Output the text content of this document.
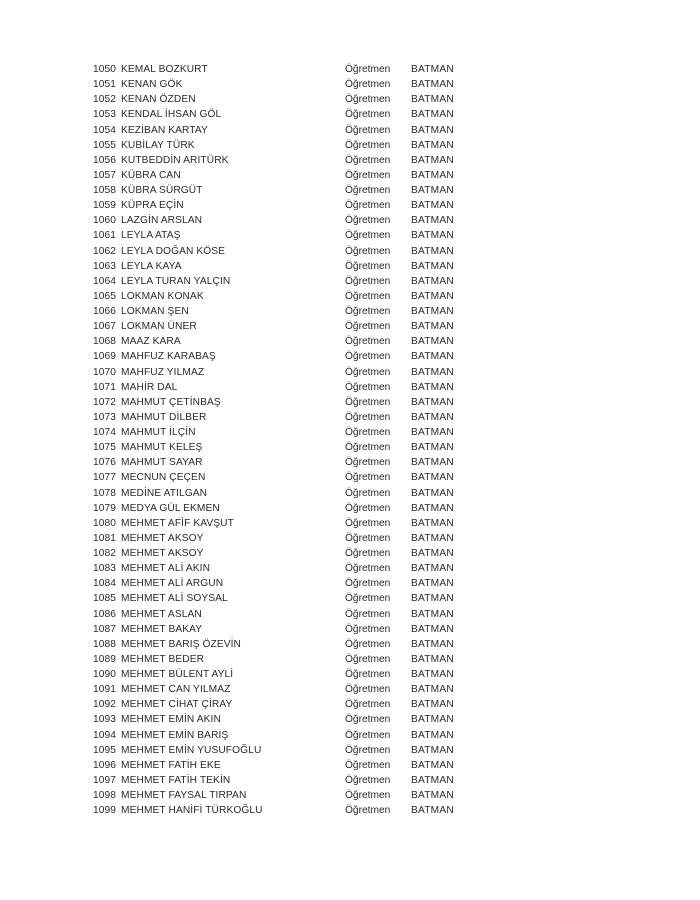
1050 KEMAL BOZKURT	Öğretmen BATMAN
1051 KENAN GÖK	Öğretmen BATMAN
1052 KENAN ÖZDEN	Öğretmen BATMAN
1053 KENDAL İHSAN GÖL	Öğretmen BATMAN
1054 KEZİBAN KARTAY	Öğretmen BATMAN
1055 KUBİLAY TÜRK	Öğretmen BATMAN
1056 KUTBEDDİN ARITÜRK	Öğretmen BATMAN
1057 KÜBRA CAN	Öğretmen BATMAN
1058 KÜBRA SÜRGÜT	Öğretmen BATMAN
1059 KÜPRA EÇİN	Öğretmen BATMAN
1060 LAZGİN ARSLAN	Öğretmen BATMAN
1061 LEYLA ATAŞ	Öğretmen BATMAN
1062 LEYLA DOĞAN KÖSE	Öğretmen BATMAN
1063 LEYLA KAYA	Öğretmen BATMAN
1064 LEYLA TURAN YALÇIN	Öğretmen BATMAN
1065 LOKMAN KONAK	Öğretmen BATMAN
1066 LOKMAN ŞEN	Öğretmen BATMAN
1067 LOKMAN ÜNER	Öğretmen BATMAN
1068 MAAZ KARA	Öğretmen BATMAN
1069 MAHFUZ KARABAŞ	Öğretmen BATMAN
1070 MAHFUZ YILMAZ	Öğretmen BATMAN
1071 MAHİR DAL	Öğretmen BATMAN
1072 MAHMUT ÇETİNBAŞ	Öğretmen BATMAN
1073 MAHMUT DİLBER	Öğretmen BATMAN
1074 MAHMUT İLÇİN	Öğretmen BATMAN
1075 MAHMUT KELEŞ	Öğretmen BATMAN
1076 MAHMUT SAYAR	Öğretmen BATMAN
1077 MECNUN ÇEÇEN	Öğretmen BATMAN
1078 MEDİNE ATILGAN	Öğretmen BATMAN
1079 MEDYA GÜL EKMEN	Öğretmen BATMAN
1080 MEHMET AFİF KAVŞUT	Öğretmen BATMAN
1081 MEHMET AKSOY	Öğretmen BATMAN
1082 MEHMET AKSOY	Öğretmen BATMAN
1083 MEHMET ALİ AKIN	Öğretmen BATMAN
1084 MEHMET ALİ ARGUN	Öğretmen BATMAN
1085 MEHMET ALİ SOYSAL	Öğretmen BATMAN
1086 MEHMET ASLAN	Öğretmen BATMAN
1087 MEHMET BAKAY	Öğretmen BATMAN
1088 MEHMET BARIŞ ÖZEVİN	Öğretmen BATMAN
1089 MEHMET BEDER	Öğretmen BATMAN
1090 MEHMET BÜLENT AYLİ	Öğretmen BATMAN
1091 MEHMET CAN YILMAZ	Öğretmen BATMAN
1092 MEHMET CİHAT ÇİRAY	Öğretmen BATMAN
1093 MEHMET EMİN AKIN	Öğretmen BATMAN
1094 MEHMET EMİN BARIŞ	Öğretmen BATMAN
1095 MEHMET EMİN YUSUFOĞLU	Öğretmen BATMAN
1096 MEHMET FATİH EKE	Öğretmen BATMAN
1097 MEHMET FATİH TEKİN	Öğretmen BATMAN
1098 MEHMET FAYSAL TIRPAN	Öğretmen BATMAN
1099 MEHMET HANİFİ TÜRKOĞLU	Öğretmen BATMAN
